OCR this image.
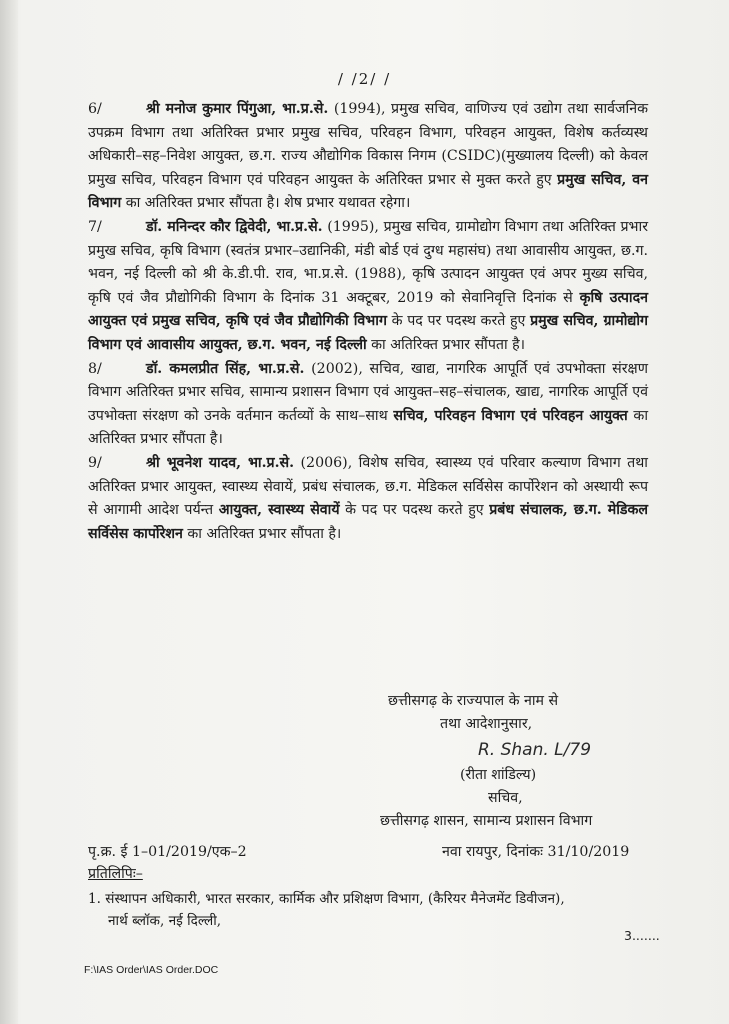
/ /2/ /

6/	श्री मनोज कुमार पिंगुआ, भा.प्र.से. (1994), प्रमुख सचिव, वाणिज्य एवं उद्योग तथा सार्वजनिक उपक्रम विभाग तथा अतिरिक्त प्रभार प्रमुख सचिव, परिवहन विभाग, परिवहन आयुक्त, विशेष कर्तव्यस्थ अधिकारी–सह–निवेश आयुक्त, छ.ग. राज्य औद्योगिक विकास निगम (CSIDC)(मुख्यालय दिल्ली) को केवल प्रमुख सचिव, परिवहन विभाग एवं परिवहन आयुक्त के अतिरिक्त प्रभार से मुक्त करते हुए प्रमुख सचिव, वन विभाग का अतिरिक्त प्रभार सौंपता है। शेष प्रभार यथावत रहेगा।

7/	डॉ. मनिन्दर कौर द्विवेदी, भा.प्र.से. (1995), प्रमुख सचिव, ग्रामोद्योग विभाग तथा अतिरिक्त प्रभार प्रमुख सचिव, कृषि विभाग (स्वतंत्र प्रभार–उद्यानिकी, मंडी बोर्ड एवं दुग्ध महासंघ) तथा आवासीय आयुक्त, छ.ग. भवन, नई दिल्ली को श्री के.डी.पी. राव, भा.प्र.से. (1988), कृषि उत्पादन आयुक्त एवं अपर मुख्य सचिव, कृषि एवं जैव प्रौद्योगिकी विभाग के दिनांक 31 अक्टूबर, 2019 को सेवानिवृत्ति दिनांक से कृषि उत्पादन आयुक्त एवं प्रमुख सचिव, कृषि एवं जैव प्रौद्योगिकी विभाग के पद पर पदस्थ करते हुए प्रमुख सचिव, ग्रामोद्योग विभाग एवं आवासीय आयुक्त, छ.ग. भवन, नई दिल्ली का अतिरिक्त प्रभार सौंपता है।

8/	डॉ. कमलप्रीत सिंह, भा.प्र.से. (2002), सचिव, खाद्य, नागरिक आपूर्ति एवं उपभोक्ता संरक्षण विभाग अतिरिक्त प्रभार सचिव, सामान्य प्रशासन विभाग एवं आयुक्त–सह–संचालक, खाद्य, नागरिक आपूर्ति एवं उपभोक्ता संरक्षण को उनके वर्तमान कर्तव्यों के साथ–साथ सचिव, परिवहन विभाग एवं परिवहन आयुक्त का अतिरिक्त प्रभार सौंपता है।

9/	श्री भूवनेश यादव, भा.प्र.से. (2006), विशेष सचिव, स्वास्थ्य एवं परिवार कल्याण विभाग तथा अतिरिक्त प्रभार आयुक्त, स्वास्थ्य सेवायें, प्रबंध संचालक, छ.ग. मेडिकल सर्विसेस कार्पोरेशन को अस्थायी रूप से आगामी आदेश पर्यन्त आयुक्त, स्वास्थ्य सेवायें के पद पर पदस्थ करते हुए प्रबंध संचालक, छ.ग. मेडिकल सर्विसेस कार्पोरेशन का अतिरिक्त प्रभार सौंपता है।

छत्तीसगढ़ के राज्यपाल के नाम से
तथा आदेशानुसार,
R. Shan. L/79
(रीता शांडिल्य)
सचिव,
छत्तीसगढ़ शासन, सामान्य प्रशासन विभाग
पृ.क्र. ई 1–01/2019/एक–2	नवा रायपुर, दिनांकः 31/10/2019
प्रतिलिपिः–
1. संस्थापन अधिकारी, भारत सरकार, कार्मिक और प्रशिक्षण विभाग, (कैरियर मैनेजमेंट डिवीजन),
नार्थ ब्लॉक, नई दिल्ली,
3.......
F:\IAS Order\IAS Order.DOC
